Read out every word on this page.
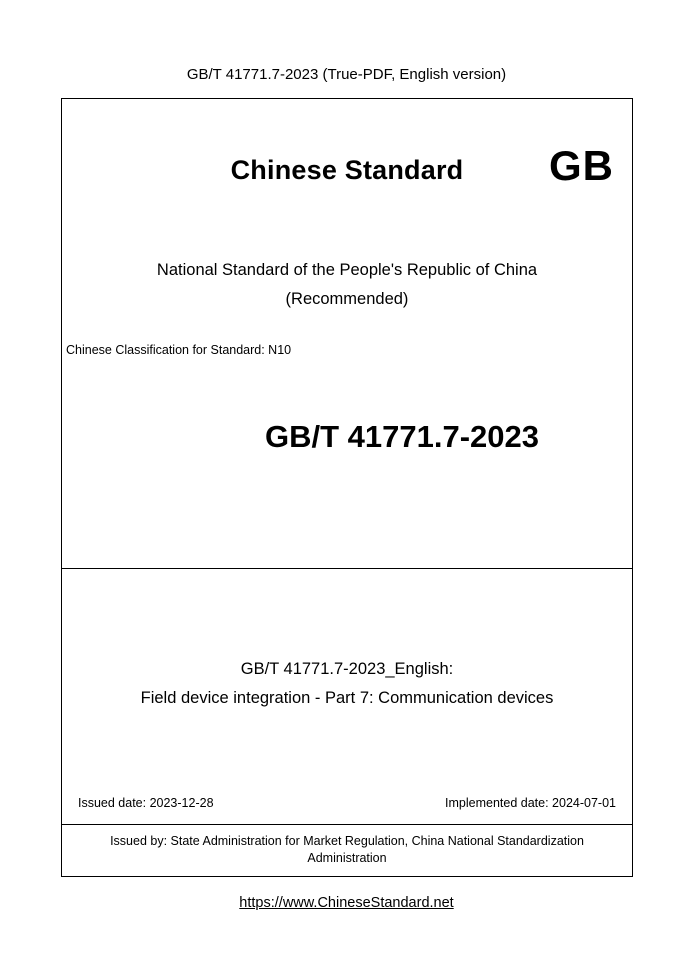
GB/T 41771.7-2023 (True-PDF, English version)
Chinese Standard	GB
National Standard of the People's Republic of China
(Recommended)
Chinese Classification for Standard: N10
GB/T 41771.7-2023
GB/T 41771.7-2023_English:
Field device integration - Part 7: Communication devices
Issued date: 2023-12-28	Implemented date: 2024-07-01
Issued by: State Administration for Market Regulation, China National Standardization Administration
https://www.ChineseStandard.net
